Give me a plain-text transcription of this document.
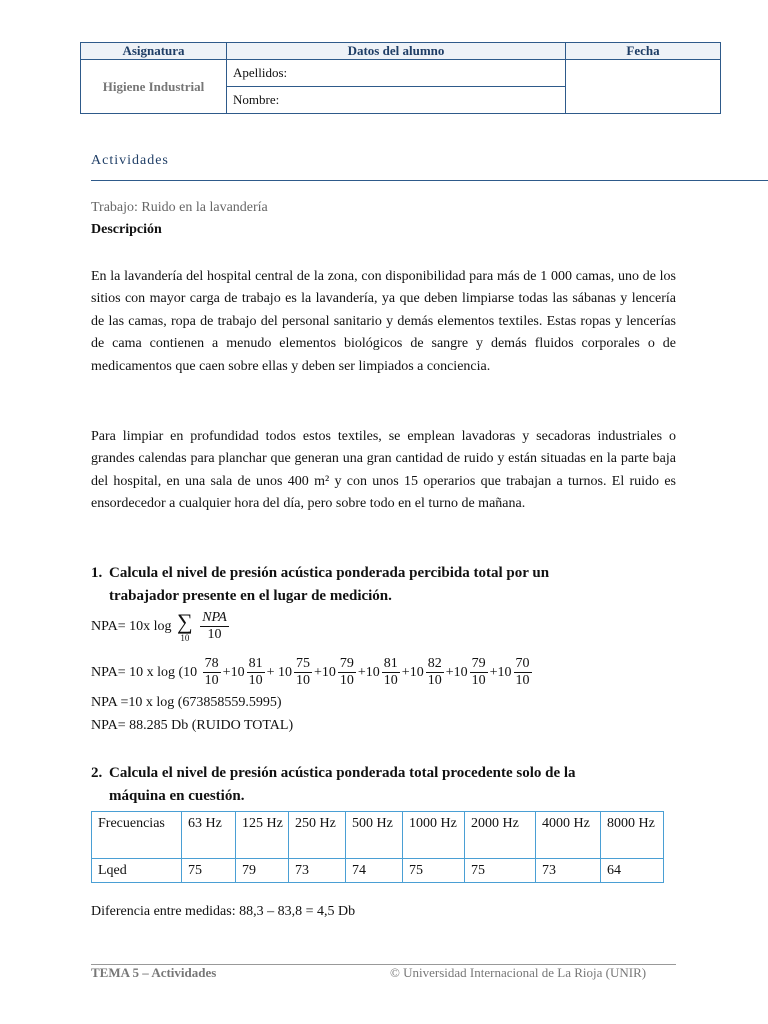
Asignatura	Datos del alumno	Fecha
Higiene Industrial	Apellidos:	
	Nombre:	
Actividades
Trabajo: Ruido en la lavandería
Descripción
En la lavandería del hospital central de la zona, con disponibilidad para más de 1 000 camas, uno de los sitios con mayor carga de trabajo es la lavandería, ya que deben limpiarse todas las sábanas y lencería de las camas, ropa de trabajo del personal sanitario y demás elementos textiles. Estas ropas y lencerías de cama contienen a menudo elementos biológicos de sangre y demás fluidos corporales o de medicamentos que caen sobre ellas y deben ser limpiados a conciencia.
Para limpiar en profundidad todos estos textiles, se emplean lavadoras y secadoras industriales o grandes calendas para planchar que generan una gran cantidad de ruido y están situadas en la parte baja del hospital, en una sala de unos 400 m² y con unos 15 operarios que trabajan a turnos. El ruido es ensordecedor a cualquier hora del día, pero sobre todo en el turno de mañana.
1. Calcula el nivel de presión acústica ponderada percibida total por un
trabajador presente en el lugar de medición.
NPA= 10x log ∑
10
$\frac{\text{NPA}}{10}$
NPA= 10 x $\log (10 \frac{78}{10} +10 \frac{81}{10} + 10 \frac{75}{10} +10 \frac{79}{10} +10 \frac{81}{10} +10 \frac{82}{10} +10 \frac{79}{10} +10 \frac{70}{10}$
NPA =10 x log (673858559.5995)
NPA= 88.285 Db (RUIDO TOTAL)
2. Calcula el nivel de presión acústica ponderada total procedente solo de la
máquina en cuestión.
Frecuencias	63 Hz	125 Hz	250 Hz	500 Hz	1000 Hz	2000 Hz	4000 Hz	8000 Hz
Lqed	75	79	73	74	75	75	73	64
Diferencia entre medidas: 88,3 – 83,8 = 4,5 Db
TEMA 5 – Actividades	© Universidad Internacional de La Rioja (UNIR)
